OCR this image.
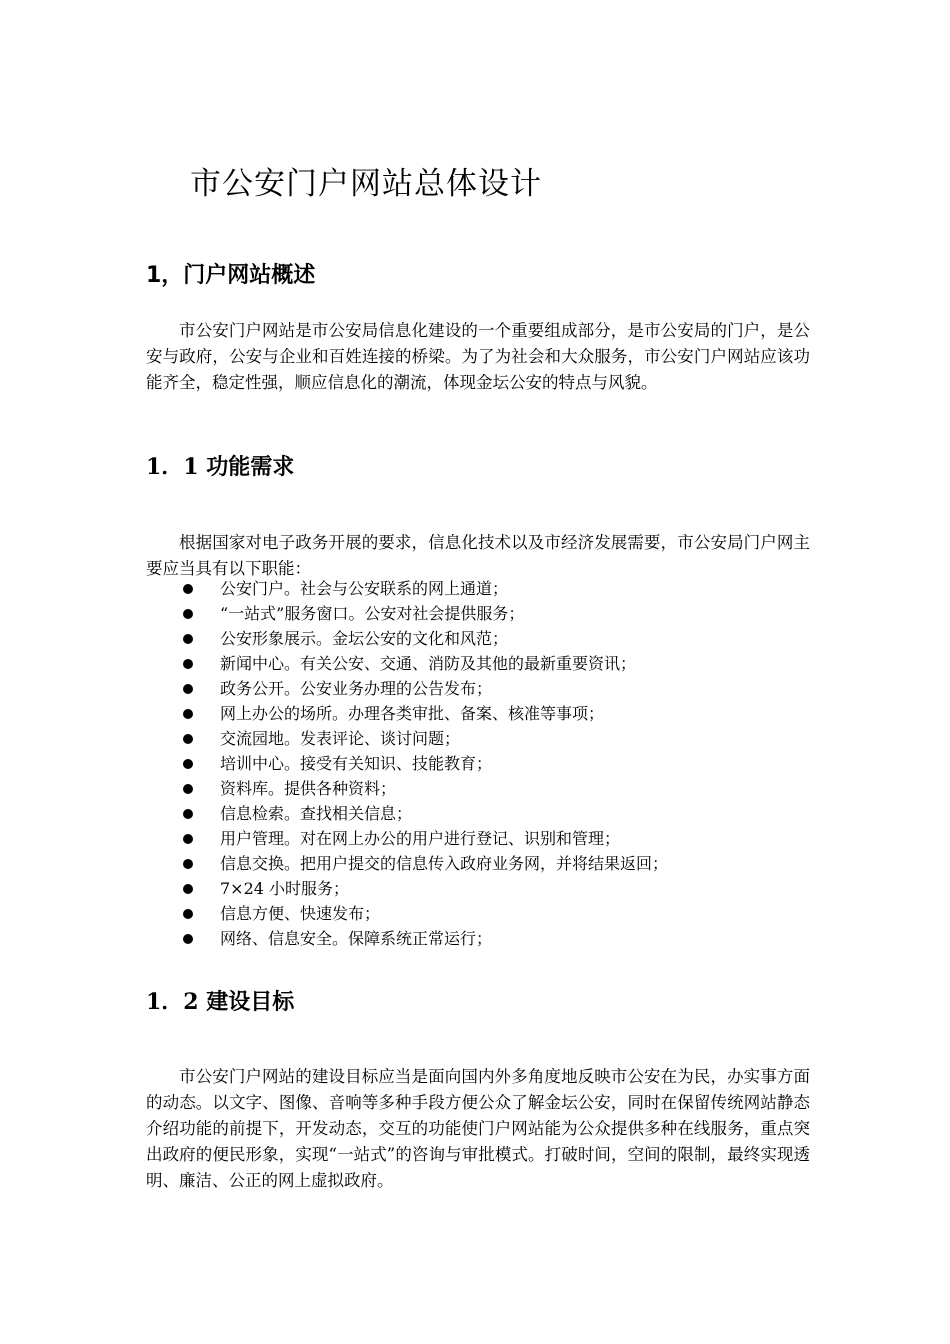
市公安门户网站总体设计
1，门户网站概述

市公安门户网站是市公安局信息化建设的一个重要组成部分，是市公安局的门户，是公安与政府，公安与企业和百姓连接的桥梁。为了为社会和大众服务，市公安门户网站应该功能齐全，稳定性强，顺应信息化的潮流，体现金坛公安的特点与风貌。

1．1 功能需求

根据国家对电子政务开展的要求，信息化技术以及市经济发展需要，市公安局门户网主要应当具有以下职能：

公安门户。社会与公安联系的网上通道；
“一站式”服务窗口。公安对社会提供服务；
公安形象展示。金坛公安的文化和风范；
新闻中心。有关公安、交通、消防及其他的最新重要资讯；
政务公开。公安业务办理的公告发布；
网上办公的场所。办理各类审批、备案、核准等事项；
交流园地。发表评论、谈讨问题；
培训中心。接受有关知识、技能教育；
资料库。提供各种资料；
信息检索。查找相关信息；
用户管理。对在网上办公的用户进行登记、识别和管理；
信息交换。把用户提交的信息传入政府业务网，并将结果返回；
7×24 小时服务；
信息方便、快速发布；
网络、信息安全。保障系统正常运行；
1．2 建设目标

市公安门户网站的建设目标应当是面向国内外多角度地反映市公安在为民，办实事方面的动态。以文字、图像、音响等多种手段方便公众了解金坛公安，同时在保留传统网站静态介绍功能的前提下，开发动态，交互的功能使门户网站能为公众提供多种在线服务，重点突出政府的便民形象，实现“一站式”的咨询与审批模式。打破时间，空间的限制，最终实现透明、廉洁、公正的网上虚拟政府。
